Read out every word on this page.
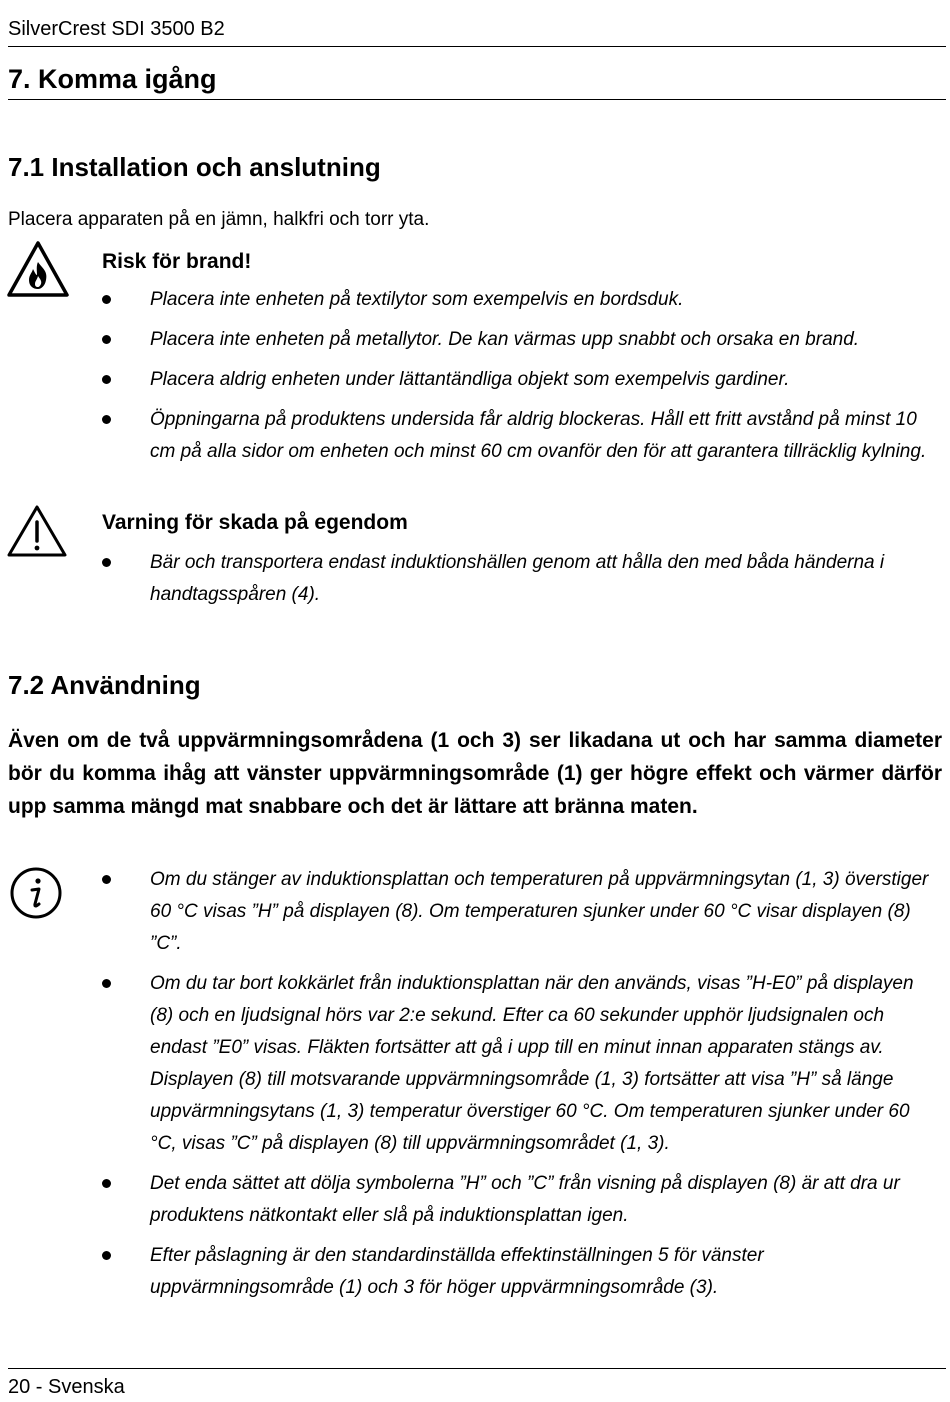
SilverCrest SDI 3500 B2
7. Komma igång
7.1 Installation och anslutning
Placera apparaten på en jämn, halkfri och torr yta.
Risk för brand!
Placera inte enheten på textilytor som exempelvis en bordsduk.
Placera inte enheten på metallytor. De kan värmas upp snabbt och orsaka en brand.
Placera aldrig enheten under lättantändliga objekt som exempelvis gardiner.
Öppningarna på produktens undersida får aldrig blockeras. Håll ett fritt avstånd på minst 10 cm på alla sidor om enheten och minst 60 cm ovanför den för att garantera tillräcklig kylning.
Varning för skada på egendom
Bär och transportera endast induktionshällen genom att hålla den med båda händerna i handtagsspåren (4).
7.2 Användning
Även om de två uppvärmningsområdena (1 och 3) ser likadana ut och har samma diameter bör du komma ihåg att vänster uppvärmningsområde (1) ger högre effekt och värmer därför upp samma mängd mat snabbare och det är lättare att bränna maten.
Om du stänger av induktionsplattan och temperaturen på uppvärmningsytan (1, 3) överstiger 60 °C visas ”H” på displayen (8). Om temperaturen sjunker under 60 °C visar displayen (8) ”C”.
Om du tar bort kokkärlet från induktionsplattan när den används, visas ”H-E0” på displayen (8) och en ljudsignal hörs var 2:e sekund. Efter ca 60 sekunder upphör ljudsignalen och endast ”E0” visas. Fläkten fortsätter att gå i upp till en minut innan apparaten stängs av. Displayen (8) till motsvarande uppvärmningsområde (1, 3) fortsätter att visa ”H” så länge uppvärmningsytans (1, 3) temperatur överstiger 60 °C. Om temperaturen sjunker under 60 °C, visas ”C” på displayen (8) till uppvärmningsområdet (1, 3).
Det enda sättet att dölja symbolerna ”H” och ”C” från visning på displayen (8) är att dra ur produktens nätkontakt eller slå på induktionsplattan igen.
Efter påslagning är den standardinställda effektinställningen 5 för vänster uppvärmningsområde (1) och 3 för höger uppvärmningsområde (3).
20 - Svenska
